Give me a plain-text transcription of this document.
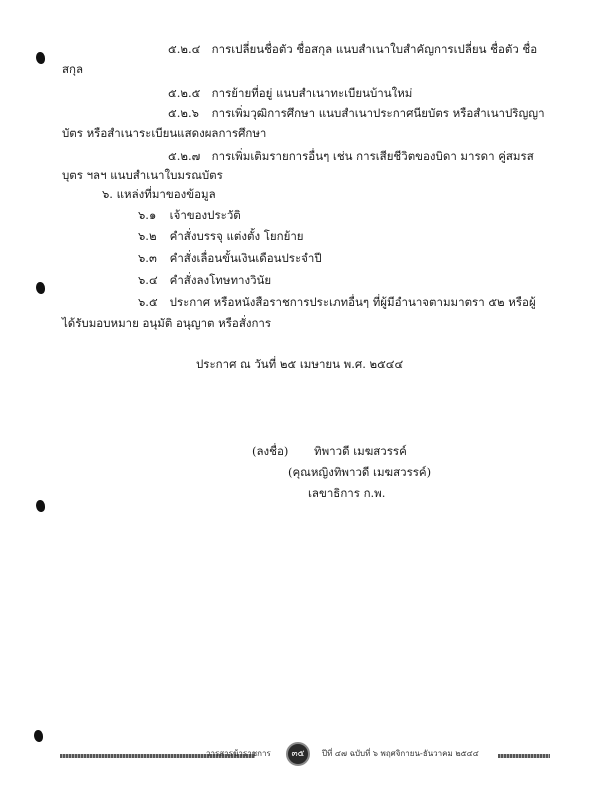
๕.๒.๔ การเปลี่ยนชื่อตัว ชื่อสกุล แนบสำเนาใบสำคัญการเปลี่ยน ชื่อตัว ชื่อ
สกุล
๕.๒.๕ การย้ายที่อยู่ แนบสำเนาทะเบียนบ้านใหม่
๕.๒.๖ การเพิ่มวุฒิการศึกษา แนบสำเนาประกาศนียบัตร หรือสำเนาปริญญา
บัตร หรือสำเนาระเบียนแสดงผลการศึกษา
๕.๒.๗ การเพิ่มเติมรายการอื่นๆ เช่น การเสียชีวิตของบิดา มารดา คู่สมรส
บุตร ฯลฯ แนบสำเนาใบมรณบัตร
๖. แหล่งที่มาของข้อมูล
๖.๑ เจ้าของประวัติ
๖.๒ คำสั่งบรรจุ แต่งตั้ง โยกย้าย
๖.๓ คำสั่งเลื่อนขั้นเงินเดือนประจำปี
๖.๔ คำสั่งลงโทษทางวินัย
๖.๕ ประกาศ หรือหนังสือราชการประเภทอื่นๆ ที่ผู้มีอำนาจตามมาตรา ๕๒ หรือผู้
ได้รับมอบหมาย อนุมัติ อนุญาต หรือสั่งการ
ประกาศ ณ วันที่ ๒๕ เมษายน พ.ศ. ๒๕๔๔
(ลงชื่อ) ทิพาวดี เมฆสวรรค์
(คุณหญิงทิพาวดี เมฆสวรรค์)
เลขาธิการ ก.พ.
วารสารข้าราชการ	๓๕	ปีที่ ๔๗ ฉบับที่ ๖ พฤศจิกายน-ธันวาคม ๒๕๔๔
